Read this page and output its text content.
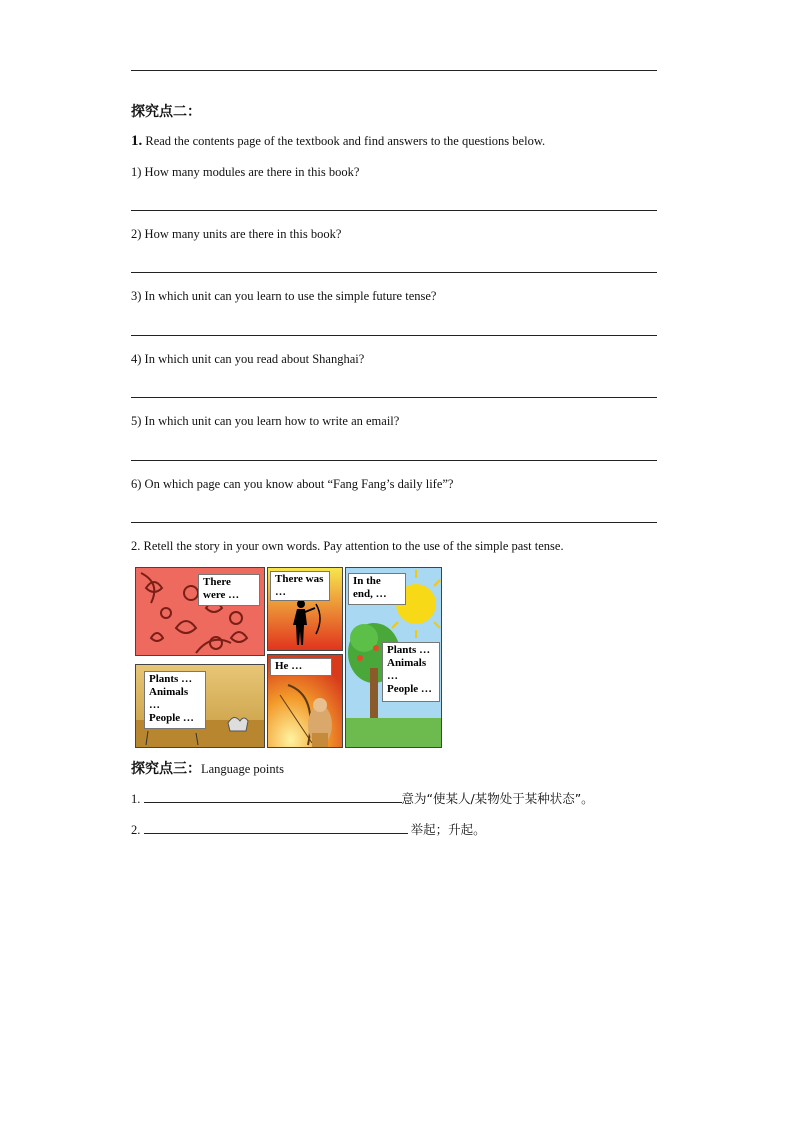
探究点二：
1. Read the contents page of the textbook and find answers to the questions below.
1) How many modules are there in this book?
2) How many units are there in this book?
3) In which unit can you learn to use the simple future tense?
4) In which unit can you read about Shanghai?
5) In which unit can you learn how to write an email?
6) On which page can you know about “Fang Fang’s daily life”?
2. Retell the story in your own words. Pay attention to the use of the simple past tense.
There
were …
There was
…
In the
end, …
Plants …
Animals
…
People …
Plants …
Animals
…
People …
He …
探究点三：Language points
1.	意为“使某人/某物处于某种状态”。
2.	举起；升起。
